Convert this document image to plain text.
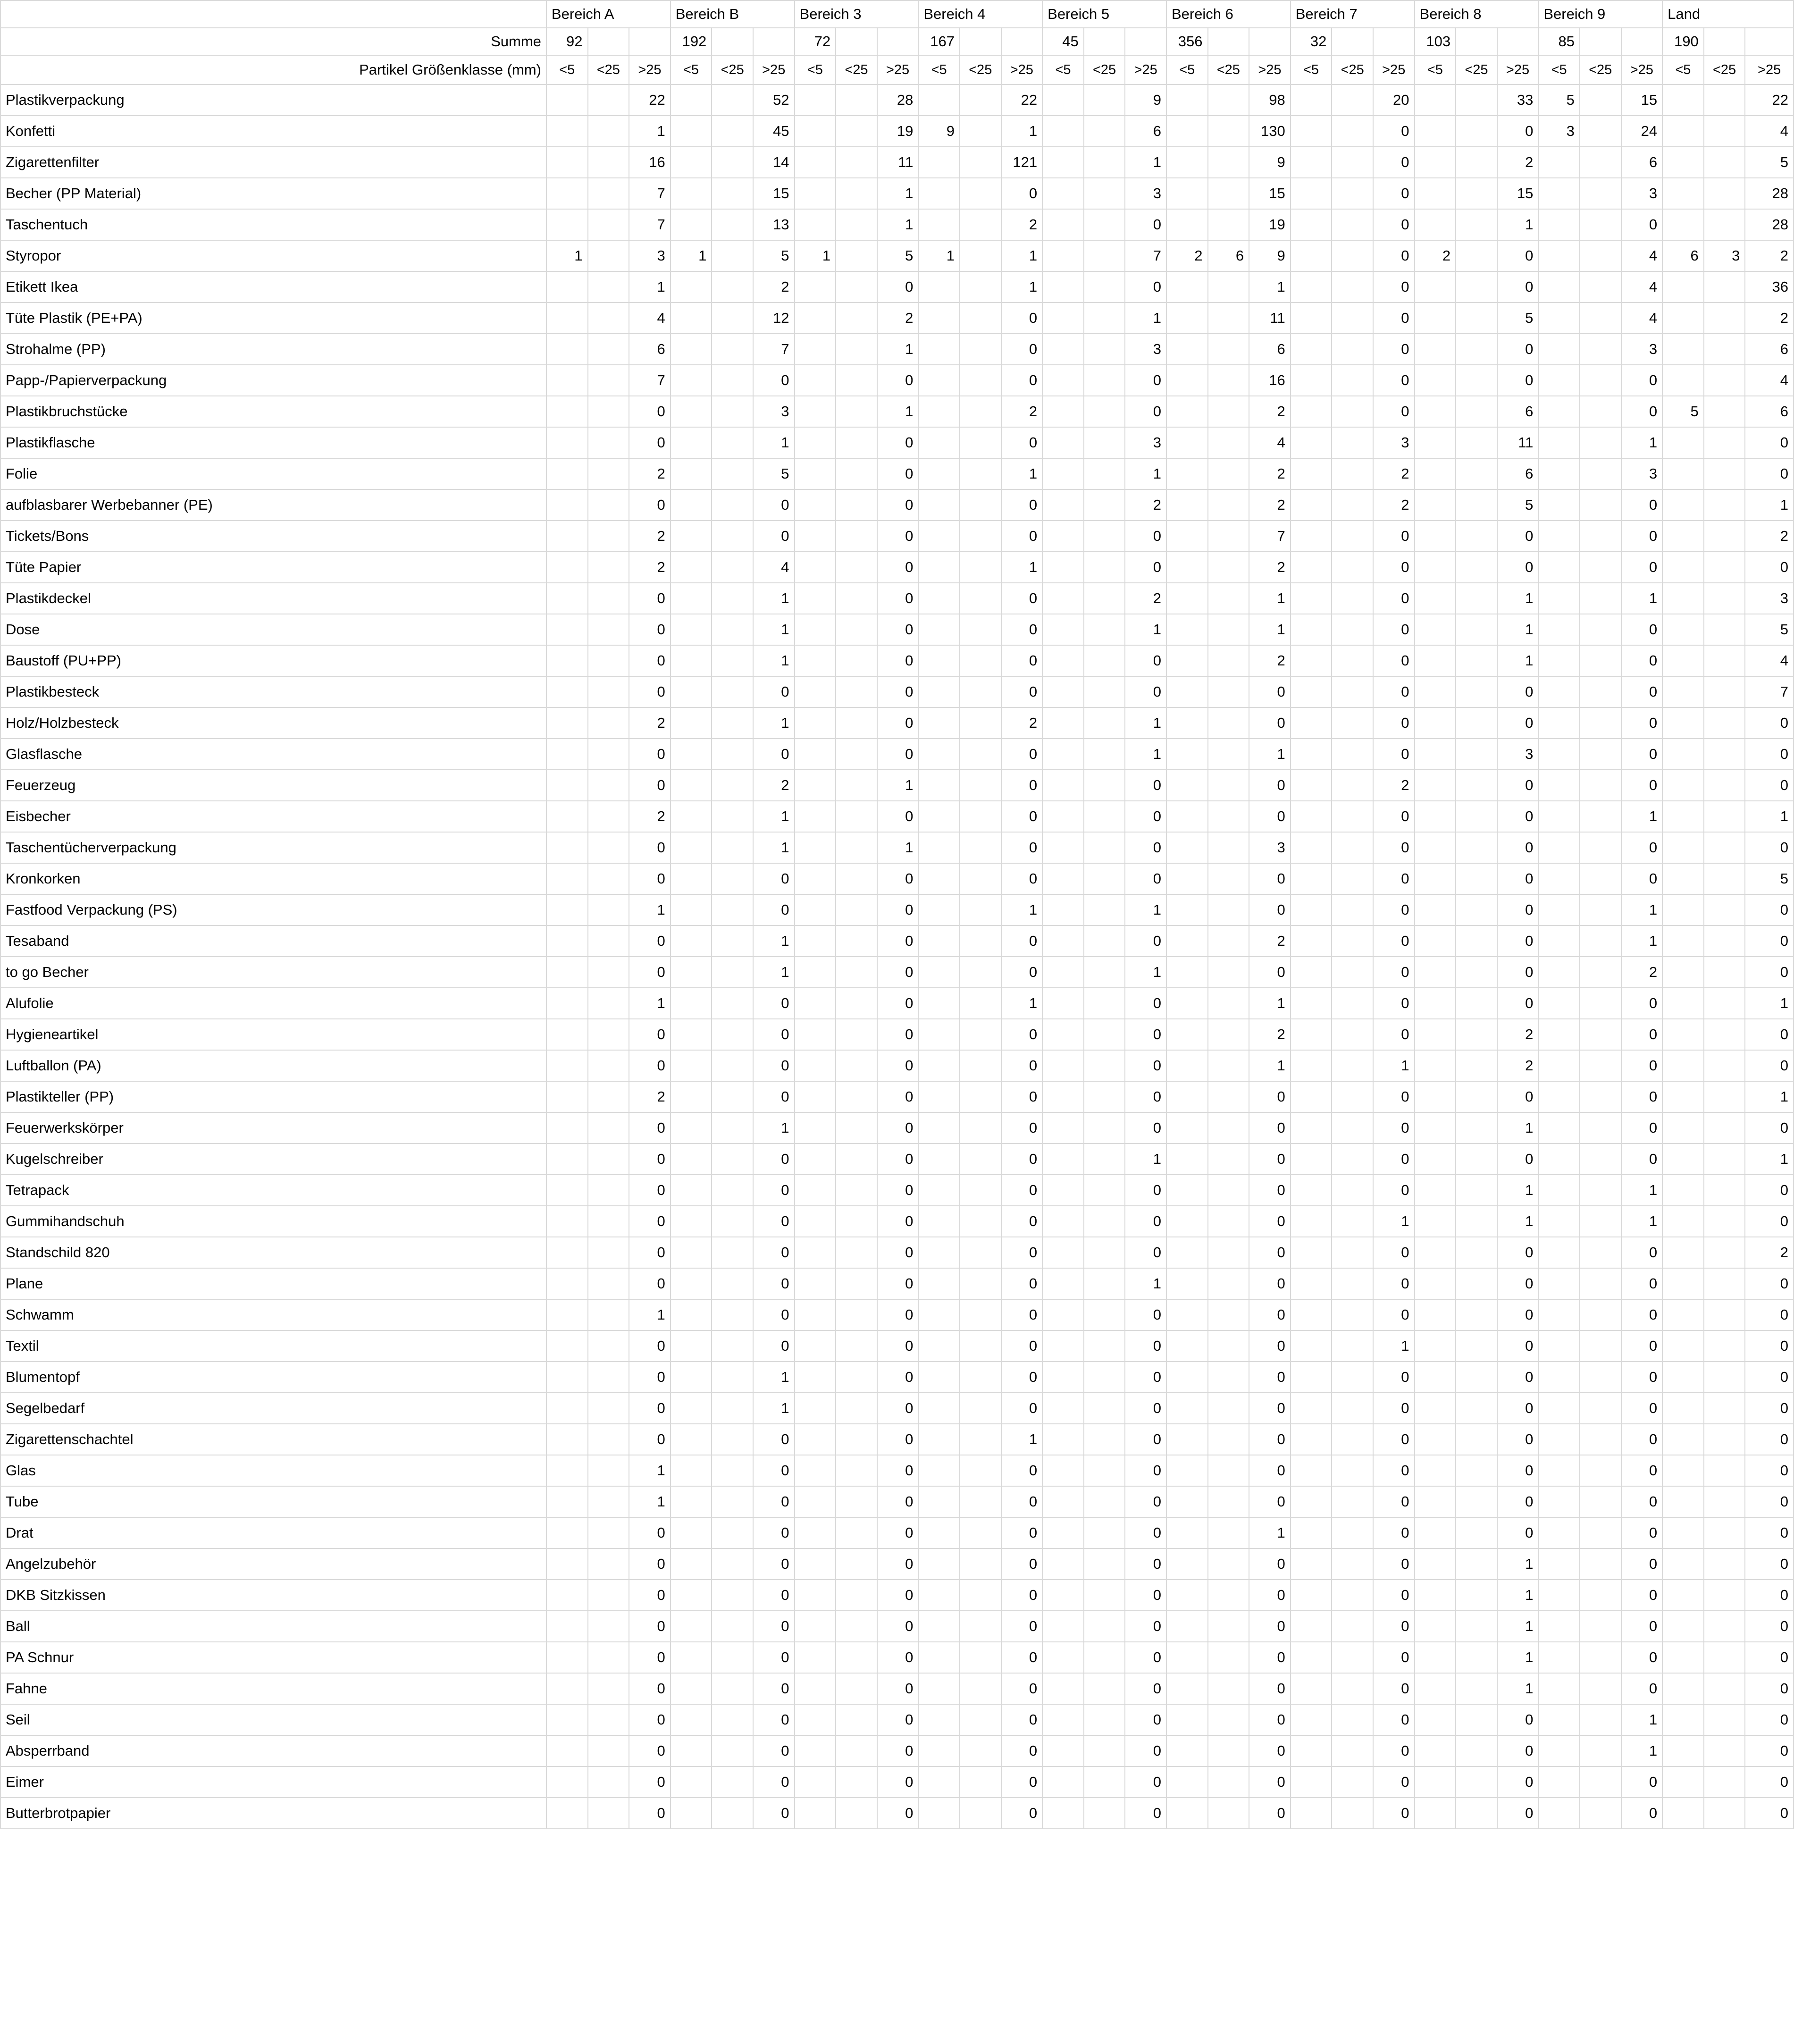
	Bereich A			Bereich B			Bereich 3			Bereich 4			Bereich 5			Bereich 6			Bereich 7			Bereich 8			Bereich 9			Land		
Summe	92			192			72			167			45			356			32			103			85			190		
Partikel Größenklasse (mm)	<5	<25	>25	<5	<25	>25	<5	<25	>25	<5	<25	>25	<5	<25	>25	<5	<25	>25	<5	<25	>25	<5	<25	>25	<5	<25	>25	<5	<25	>25
Plastikverpackung			22			52			28			22			9			98			20			33	5		15			22
Konfetti			1			45			19	9		1			6			130			0			0	3		24			4
Zigarettenfilter			16			14			11			121			1			9			0			2			6			5
Becher (PP Material)			7			15			1			0			3			15			0			15			3			28
Taschentuch			7			13			1			2			0			19			0			1			0			28
Styropor	1		3	1		5	1		5	1		1			7	2	6	9			0	2		0			4	6	3	2
Etikett Ikea			1			2			0			1			0			1			0			0			4			36
Tüte Plastik (PE+PA)			4			12			2			0			1			11			0			5			4			2
Strohalme (PP)			6			7			1			0			3			6			0			0			3			6
Papp-/Papierverpackung			7			0			0			0			0			16			0			0			0			4
Plastikbruchstücke			0			3			1			2			0			2			0			6			0	5		6
Plastikflasche			0			1			0			0			3			4			3			11			1			0
Folie			2			5			0			1			1			2			2			6			3			0
aufblasbarer Werbebanner (PE)			0			0			0			0			2			2			2			5			0			1
Tickets/Bons			2			0			0			0			0			7			0			0			0			2
Tüte Papier			2			4			0			1			0			2			0			0			0			0
Plastikdeckel			0			1			0			0			2			1			0			1			1			3
Dose			0			1			0			0			1			1			0			1			0			5
Baustoff (PU+PP)			0			1			0			0			0			2			0			1			0			4
Plastikbesteck			0			0			0			0			0			0			0			0			0			7
Holz/Holzbesteck			2			1			0			2			1			0			0			0			0			0
Glasflasche			0			0			0			0			1			1			0			3			0			0
Feuerzeug			0			2			1			0			0			0			2			0			0			0
Eisbecher			2			1			0			0			0			0			0			0			1			1
Taschentücherverpackung			0			1			1			0			0			3			0			0			0			0
Kronkorken			0			0			0			0			0			0			0			0			0			5
Fastfood Verpackung (PS)			1			0			0			1			1			0			0			0			1			0
Tesaband			0			1			0			0			0			2			0			0			1			0
to go Becher			0			1			0			0			1			0			0			0			2			0
Alufolie			1			0			0			1			0			1			0			0			0			1
Hygieneartikel			0			0			0			0			0			2			0			2			0			0
Luftballon (PA)			0			0			0			0			0			1			1			2			0			0
Plastikteller (PP)			2			0			0			0			0			0			0			0			0			1
Feuerwerkskörper			0			1			0			0			0			0			0			1			0			0
Kugelschreiber			0			0			0			0			1			0			0			0			0			1
Tetrapack			0			0			0			0			0			0			0			1			1			0
Gummihandschuh			0			0			0			0			0			0			1			1			1			0
Standschild 820			0			0			0			0			0			0			0			0			0			2
Plane			0			0			0			0			1			0			0			0			0			0
Schwamm			1			0			0			0			0			0			0			0			0			0
Textil			0			0			0			0			0			0			1			0			0			0
Blumentopf			0			1			0			0			0			0			0			0			0			0
Segelbedarf			0			1			0			0			0			0			0			0			0			0
Zigarettenschachtel			0			0			0			1			0			0			0			0			0			0
Glas			1			0			0			0			0			0			0			0			0			0
Tube			1			0			0			0			0			0			0			0			0			0
Drat			0			0			0			0			0			1			0			0			0			0
Angelzubehör			0			0			0			0			0			0			0			1			0			0
DKB Sitzkissen			0			0			0			0			0			0			0			1			0			0
Ball			0			0			0			0			0			0			0			1			0			0
PA Schnur			0			0			0			0			0			0			0			1			0			0
Fahne			0			0			0			0			0			0			0			1			0			0
Seil			0			0			0			0			0			0			0			0			1			0
Absperrband			0			0			0			0			0			0			0			0			1			0
Eimer			0			0			0			0			0			0			0			0			0			0
Butterbrotpapier			0			0			0			0			0			0			0			0			0			0
